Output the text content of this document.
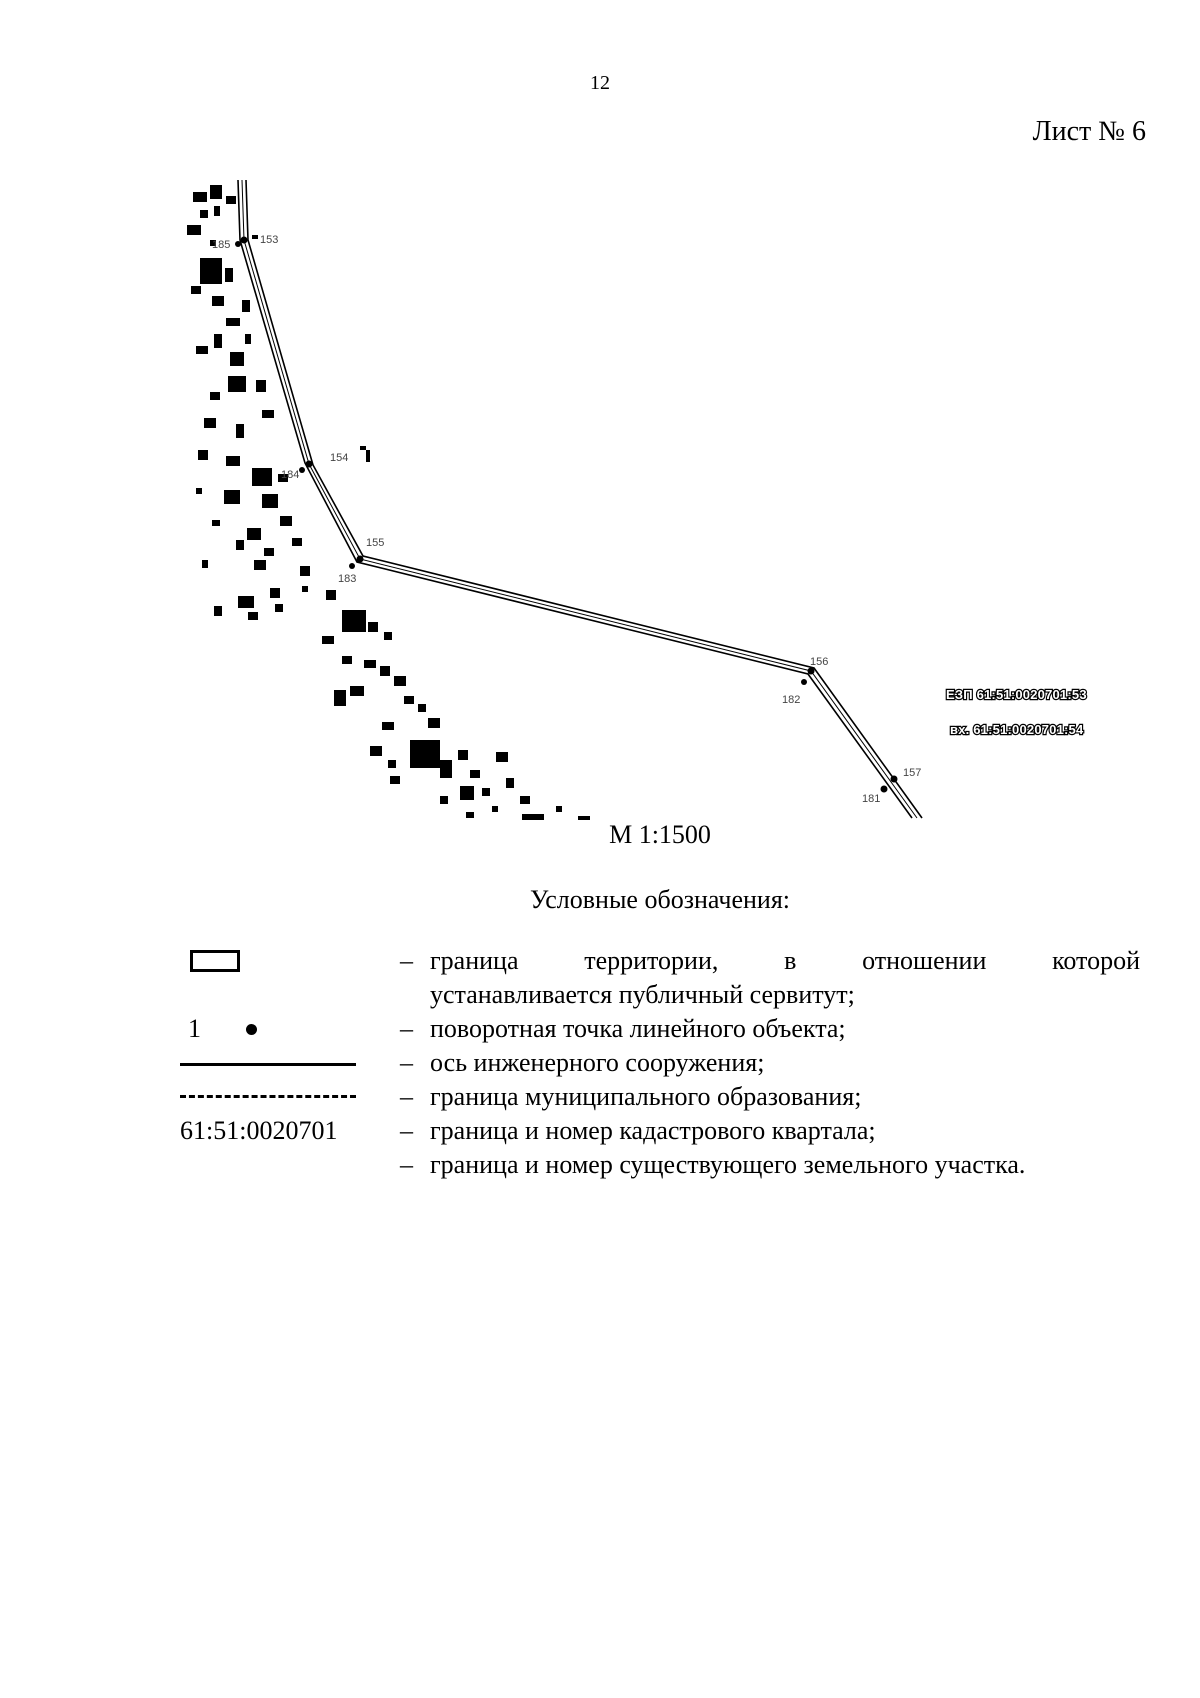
12
Лист № 6
153
154
155
156
157
181
182
183
184
185
ЕЗП 61:51:0020701:53
вх. 61:51:0020701:54
М 1:1500
Условные обозначения:
– граница территории, в отношении которой
устанавливается публичный сервитут;
1	– поворотная точка линейного объекта;
– ось инженерного сооружения;
– граница муниципального образования;
61:51:0020701 – граница и номер кадастрового квартала;
– граница и номер существующего земельного участка.
